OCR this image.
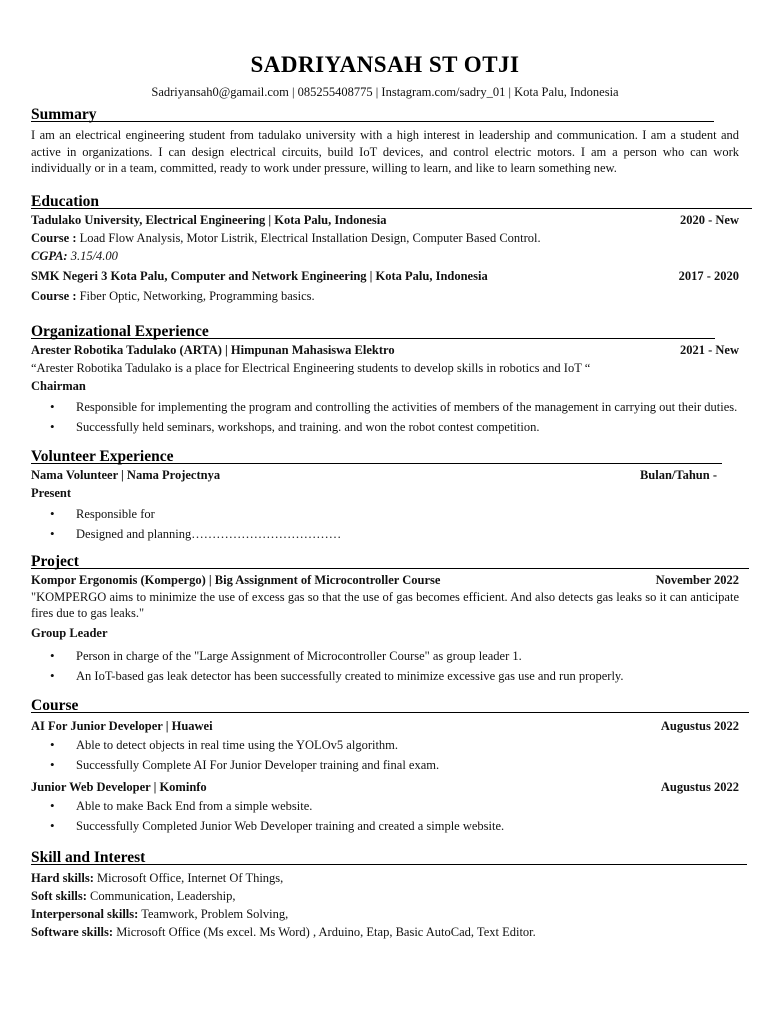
SADRIYANSAH ST OTJI
Sadriyansah0@gamail.com | 085255408775 | Instagram.com/sadry_01 | Kota Palu, Indonesia
Summary
I am an electrical engineering student from tadulako university with a high interest in leadership and communication. I am a student and active in organizations. I can design electrical circuits, build IoT devices, and control electric motors. I am a person who can work individually or in a team, committed, ready to work under pressure, willing to learn, and like to learn something new.
Education
Tadulako University, Electrical Engineering | Kota Palu, Indonesia	2020 - New
Course : Load Flow Analysis, Motor Listrik, Electrical Installation Design, Computer Based Control.
CGPA: 3.15/4.00
SMK Negeri 3 Kota Palu, Computer and Network Engineering | Kota Palu, Indonesia	2017 - 2020
Course : Fiber Optic, Networking, Programming basics.
Organizational Experience
Arester Robotika Tadulako (ARTA) | Himpunan Mahasiswa Elektro	2021 - New
“Arester Robotika Tadulako is a place for Electrical Engineering students to develop skills in robotics and IoT “
Chairman
• Responsible for implementing the program and controlling the activities of members of the management in carrying out their duties.
• Successfully held seminars, workshops, and training. and won the robot contest competition.
Volunteer Experience
Nama Volunteer | Nama Projectnya	Bulan/Tahun -
Present
• Responsible for
• Designed and planning………………………………
Project
Kompor Ergonomis (Kompergo) | Big Assignment of Microcontroller Course	November 2022
"KOMPERGO aims to minimize the use of excess gas so that the use of gas becomes efficient. And also detects gas leaks so it can anticipate fires due to gas leaks."
Group Leader
• Person in charge of the "Large Assignment of Microcontroller Course" as group leader 1.
• An IoT-based gas leak detector has been successfully created to minimize excessive gas use and run properly.
Course
AI For Junior Developer | Huawei	Augustus 2022
• Able to detect objects in real time using the YOLOv5 algorithm.
• Successfully Complete AI For Junior Developer training and final exam.
Junior Web Developer | Kominfo	Augustus 2022
• Able to make Back End from a simple website.
• Successfully Completed Junior Web Developer training and created a simple website.
Skill and Interest
Hard skills: Microsoft Office, Internet Of Things,
Soft skills: Communication, Leadership,
Interpersonal skills: Teamwork, Problem Solving,
Software skills: Microsoft Office (Ms excel. Ms Word) , Arduino, Etap, Basic AutoCad, Text Editor.
